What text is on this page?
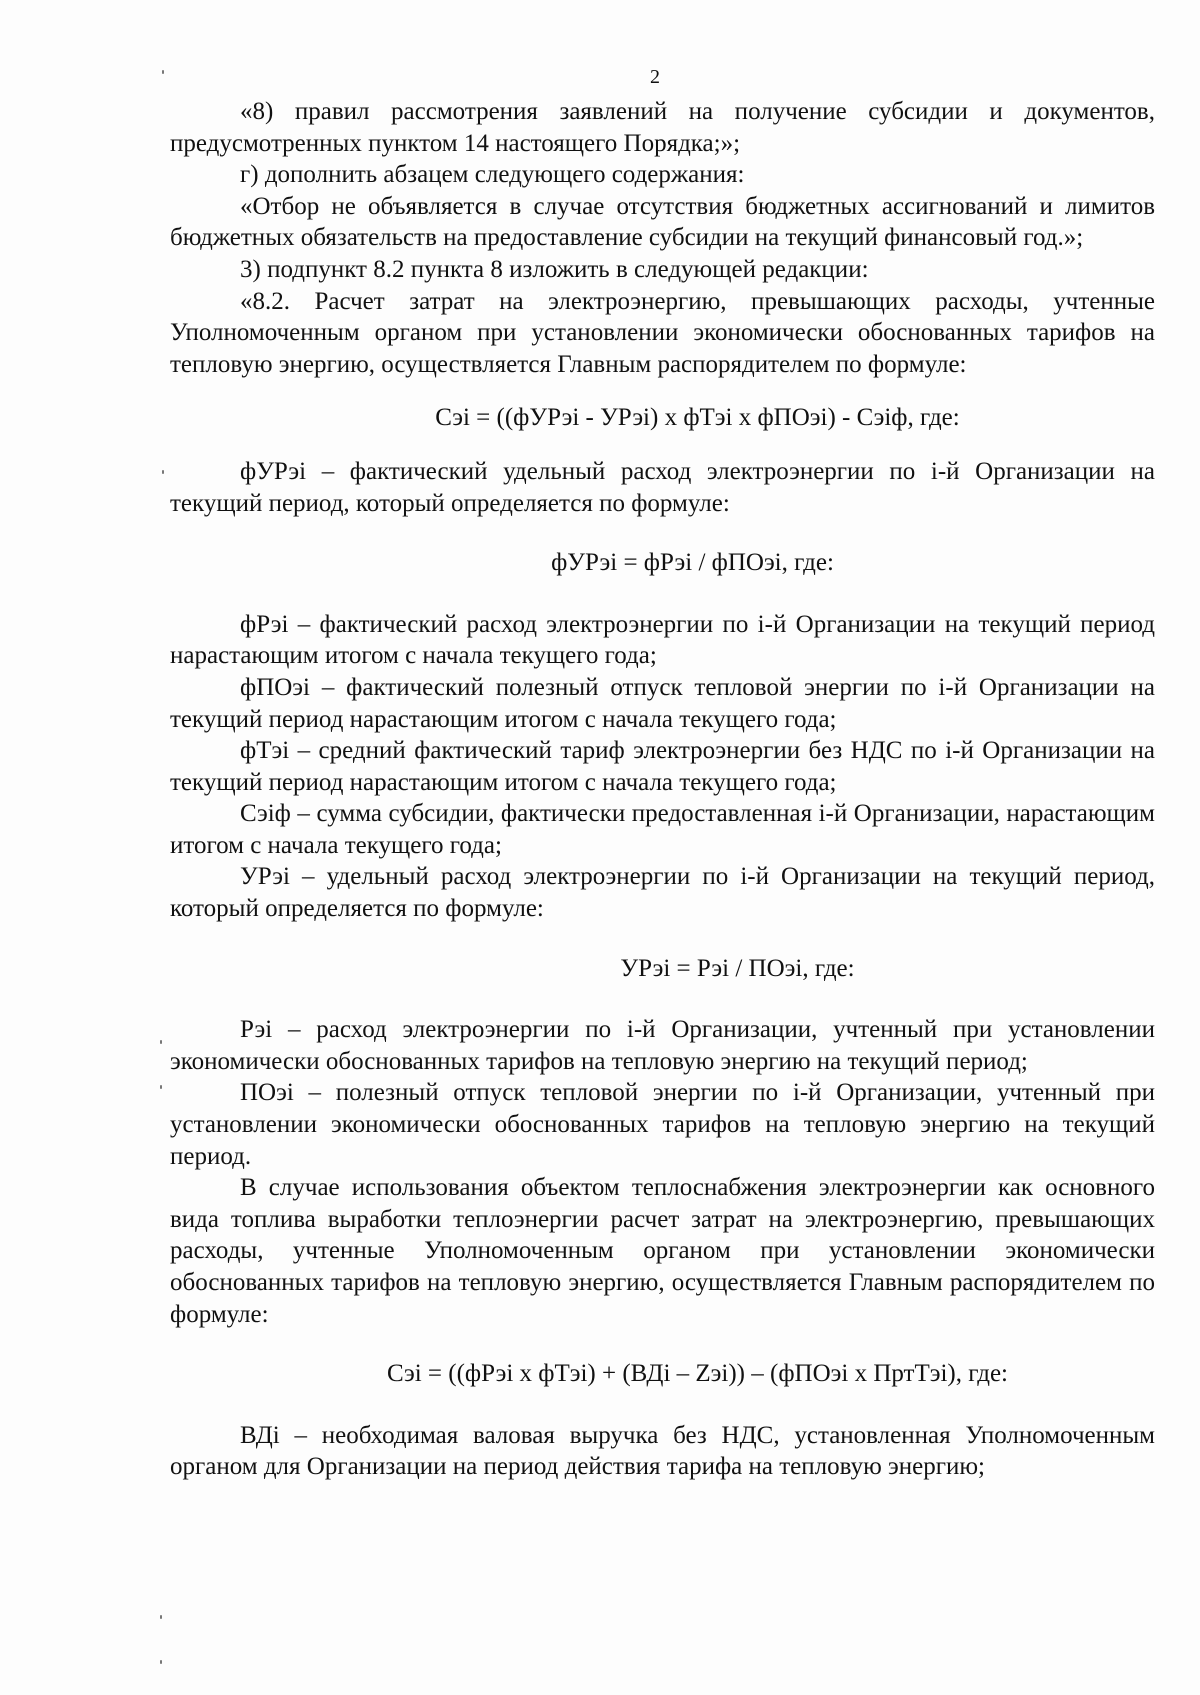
2

«8) правил рассмотрения заявлений на получение субсидии и документов, предусмотренных пунктом 14 настоящего Порядка;»;

г) дополнить абзацем следующего содержания:

«Отбор не объявляется в случае отсутствия бюджетных ассигнований и лимитов бюджетных обязательств на предоставление субсидии на текущий финансовый год.»;

3) подпункт 8.2 пункта 8 изложить в следующей редакции:

«8.2. Расчет затрат на электроэнергию, превышающих расходы, учтенные Уполномоченным органом при установлении экономически обоснованных тарифов на тепловую энергию, осуществляется Главным распорядителем по формуле:

Сэі = ((фУРэі - УРэі) х фТэі х фПОэі) - Сэіф, где:

фУРэі – фактический удельный расход электроэнергии по і-й Организации на текущий период, который определяется по формуле:

фУРэі = фРэі / фПОэі, где:

фРэі – фактический расход электроэнергии по і-й Организации на текущий период нарастающим итогом с начала текущего года;

фПОэі – фактический полезный отпуск тепловой энергии по і-й Организации на текущий период нарастающим итогом с начала текущего года;

фТэі – средний фактический тариф электроэнергии без НДС по і-й Организации на текущий период нарастающим итогом с начала текущего года;

Сэіф – сумма субсидии, фактически предоставленная і-й Организации, нарастающим итогом с начала текущего года;

УРэі – удельный расход электроэнергии по і-й Организации на текущий период, который определяется по формуле:

УРэі = Рэі / ПОэі, где:

Рэі – расход электроэнергии по і-й Организации, учтенный при установлении экономически обоснованных тарифов на тепловую энергию на текущий период;

ПОэі – полезный отпуск тепловой энергии по і-й Организации, учтенный при установлении экономически обоснованных тарифов на тепловую энергию на текущий период.

В случае использования объектом теплоснабжения электроэнергии как основного вида топлива выработки теплоэнергии расчет затрат на электроэнергию, превышающих расходы, учтенные Уполномоченным органом при установлении экономически обоснованных тарифов на тепловую энергию, осуществляется Главным распорядителем по формуле:

Сэі = ((фРэі х фТэі) + (ВДі – Zэі)) – (фПОэі х ПртТэі), где:

ВДі – необходимая валовая выручка без НДС, установленная Уполномоченным органом для Организации на период действия тарифа на тепловую энергию;
